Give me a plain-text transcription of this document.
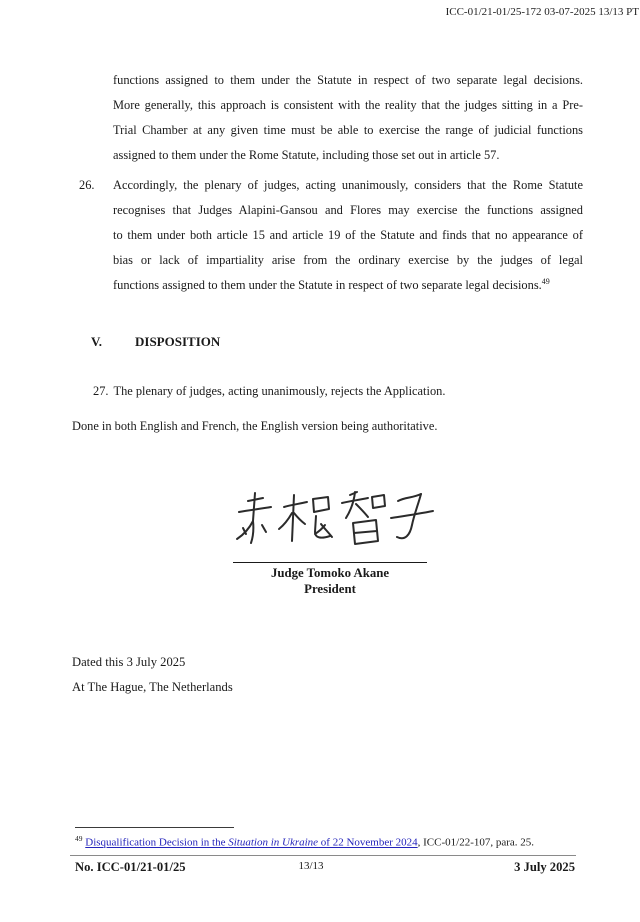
ICC-01/21-01/25-172 03-07-2025 13/13 PT
functions assigned to them under the Statute in respect of two separate legal decisions.
More generally, this approach is consistent with the reality that the judges sitting in a Pre-
Trial Chamber at any given time must be able to exercise the range of judicial functions
assigned to them under the Rome Statute, including those set out in article 57.
26. Accordingly, the plenary of judges, acting unanimously, considers that the Rome Statute
recognises that Judges Alapini-Gansou and Flores may exercise the functions assigned
to them under both article 15 and article 19 of the Statute and finds that no appearance of
bias or lack of impartiality arise from the ordinary exercise by the judges of legal
functions assigned to them under the Statute in respect of two separate legal decisions.$^{49}$
V.	DISPOSITION
27. The plenary of judges, acting unanimously, rejects the Application.
Done in both English and French, the English version being authoritative.
Judge Tomoko Akane
President
Dated this 3 July 2025
At The Hague, The Netherlands
$^{49}$ Disqualification Decision in the Situation in Ukraine of 22 November 2024, ICC-01/22-107, para. 25.
No. ICC-01/21-01/25	13/13	3 July 2025
